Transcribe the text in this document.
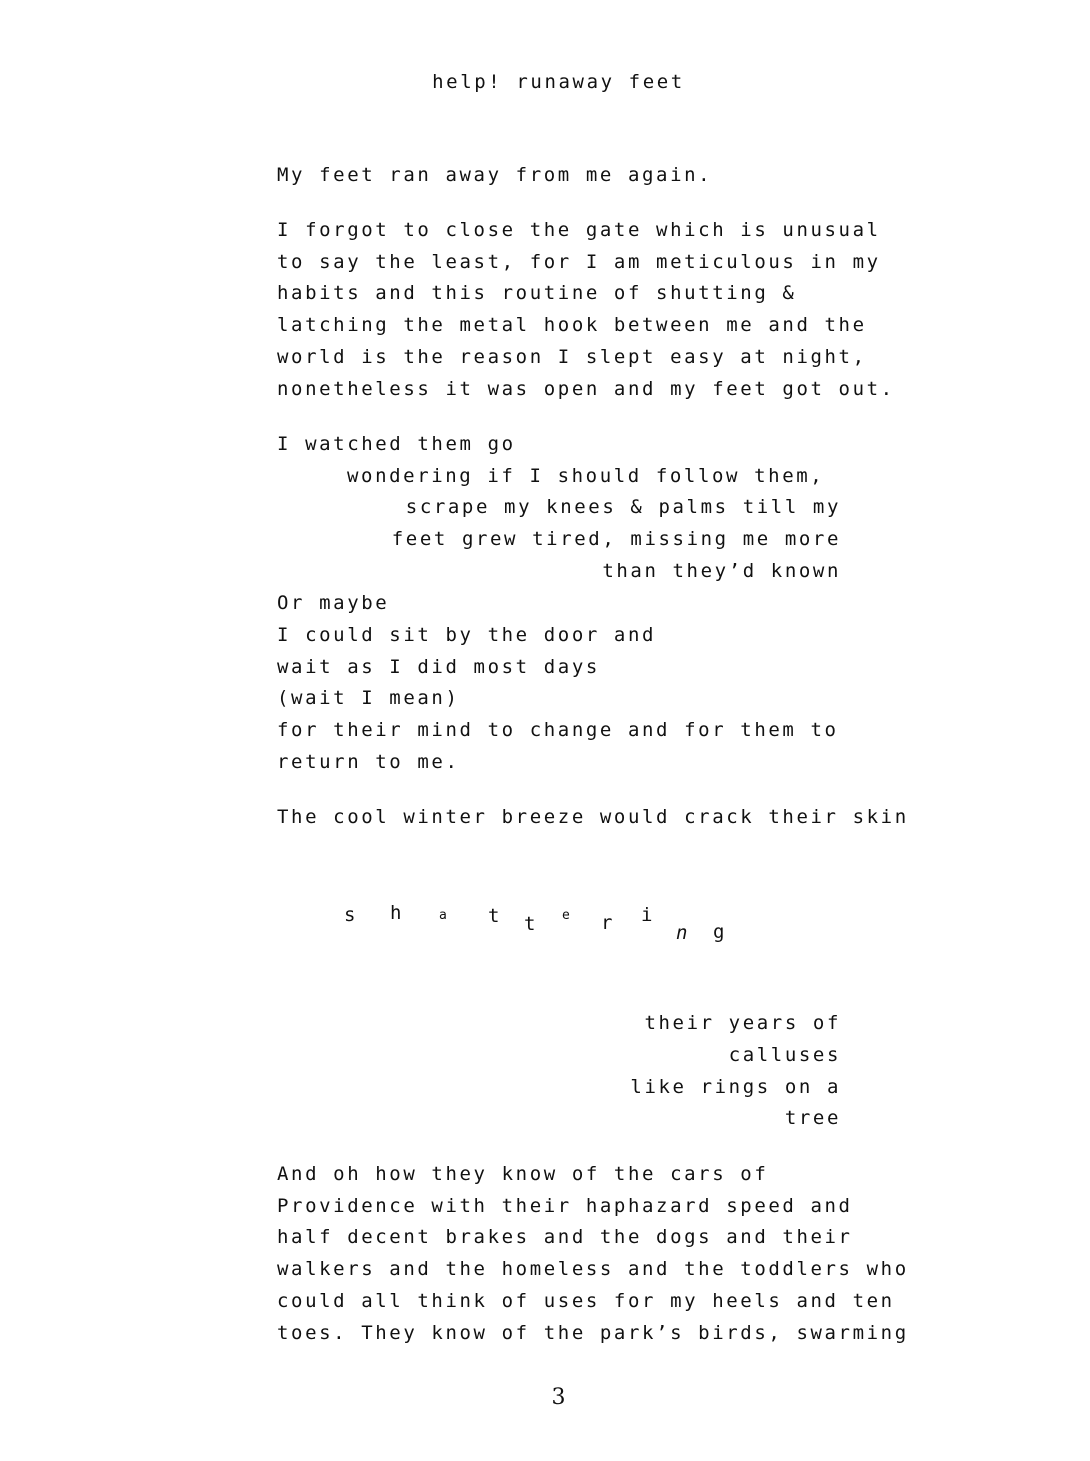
help! runaway feet
My feet ran away from me again.
I forgot to close the gate which is unusual
to say the least, for I am meticulous in my
habits and this routine of shutting &
latching the metal hook between me and the
world is the reason I slept easy at night,
nonetheless it was open and my feet got out.
I watched them go
wondering if I should follow them,
scrape my knees & palms till my
feet grew tired, missing me more
than they’d known
Or maybe
I could sit by the door and
wait as I did most days
(wait I mean)
for their mind to change and for them to
return to me.
The cool winter breeze would crack their skin
s h	a t t e r i
n g
their years of
calluses
like rings on a
tree
And oh how they know of the cars of
Providence with their haphazard speed and
half decent brakes and the dogs and their
walkers and the homeless and the toddlers who
could all think of uses for my heels and ten
toes. They know of the park’s birds, swarming
3
